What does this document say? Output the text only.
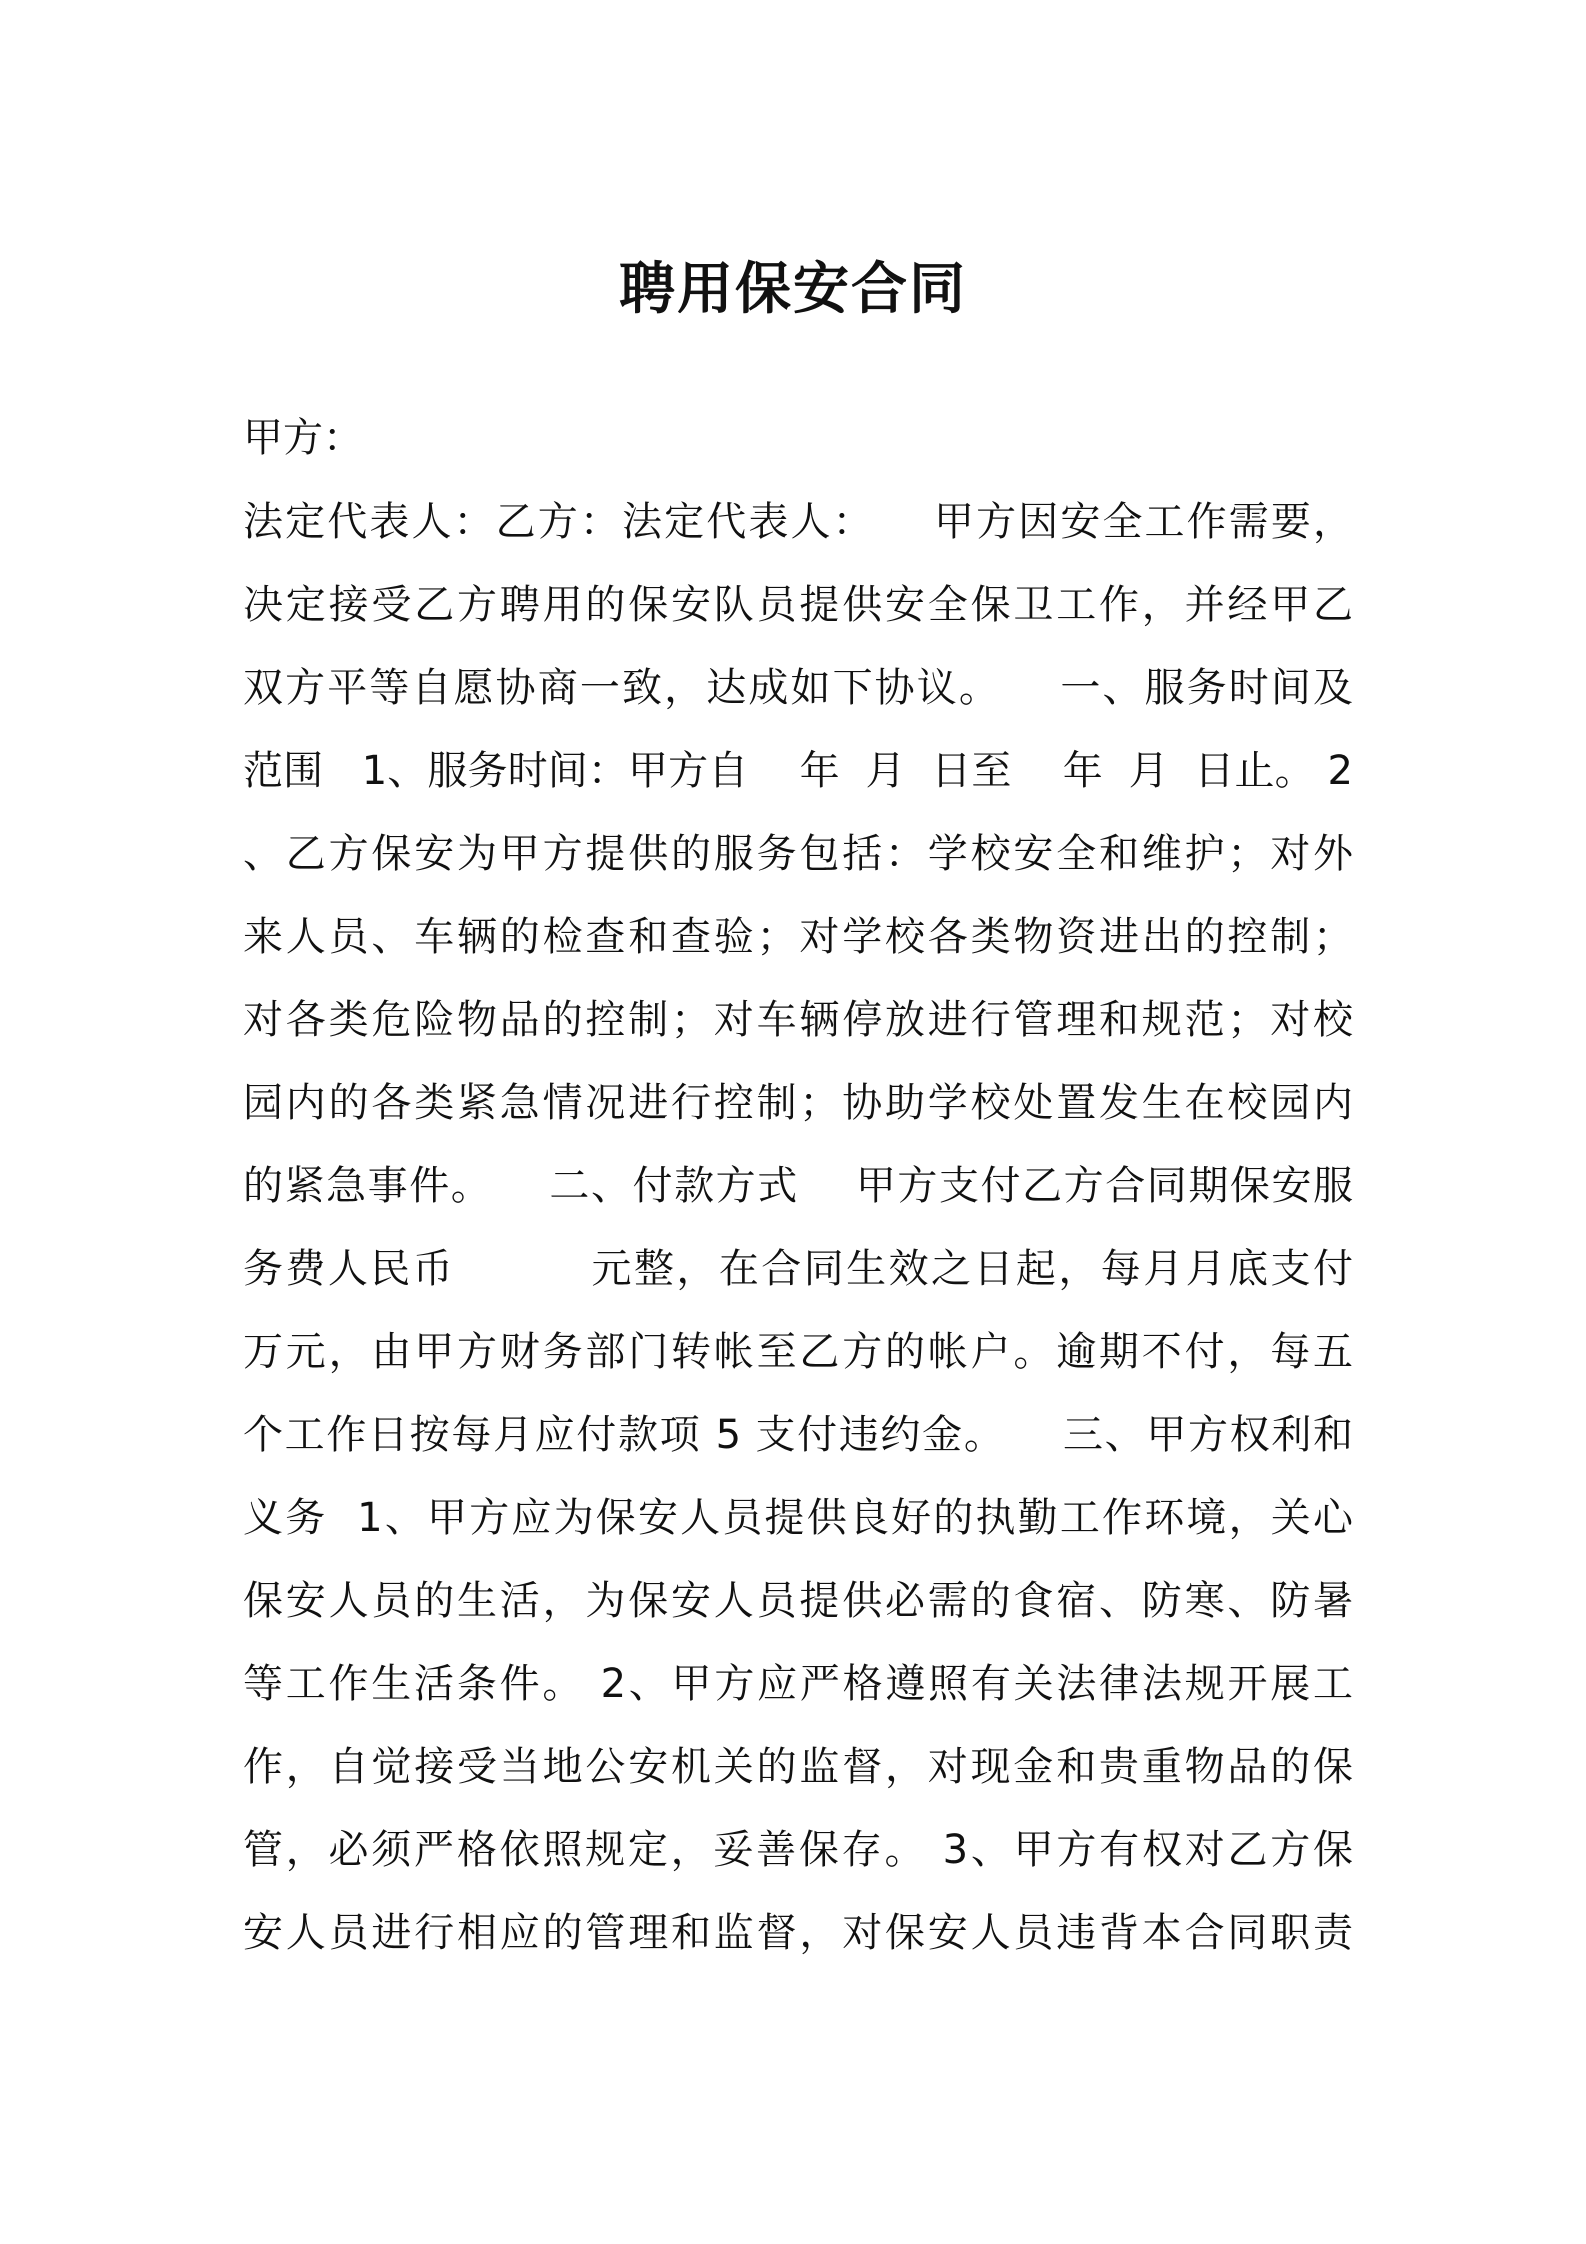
聘用保安合同
甲方：
法定代表人：乙方：法定代表人：    甲方因安全工作需要，
决定接受乙方聘用的保安队员提供安全保卫工作，并经甲乙
双方平等自愿协商一致，达成如下协议。    一、服务时间及
范围   1、服务时间：甲方自    年  月  日至    年  月  日止。 2
、乙方保安为甲方提供的服务包括：学校安全和维护；对外
来人员、车辆的检查和查验；对学校各类物资进出的控制；
对各类危险物品的控制；对车辆停放进行管理和规范；对校
园内的各类紧急情况进行控制；协助学校处置发生在校园内
的紧急事件。    二、付款方式    甲方支付乙方合同期保安服
务费人民币         元整，在合同生效之日起，每月月底支付
万元，由甲方财务部门转帐至乙方的帐户。逾期不付，每五
个工作日按每月应付款项 5 支付违约金。    三、甲方权利和
义务  1、甲方应为保安人员提供良好的执勤工作环境，关心
保安人员的生活，为保安人员提供必需的食宿、防寒、防暑
等工作生活条件。 2、甲方应严格遵照有关法律法规开展工
作，自觉接受当地公安机关的监督，对现金和贵重物品的保
管，必须严格依照规定，妥善保存。 3、甲方有权对乙方保
安人员进行相应的管理和监督，对保安人员违背本合同职责
